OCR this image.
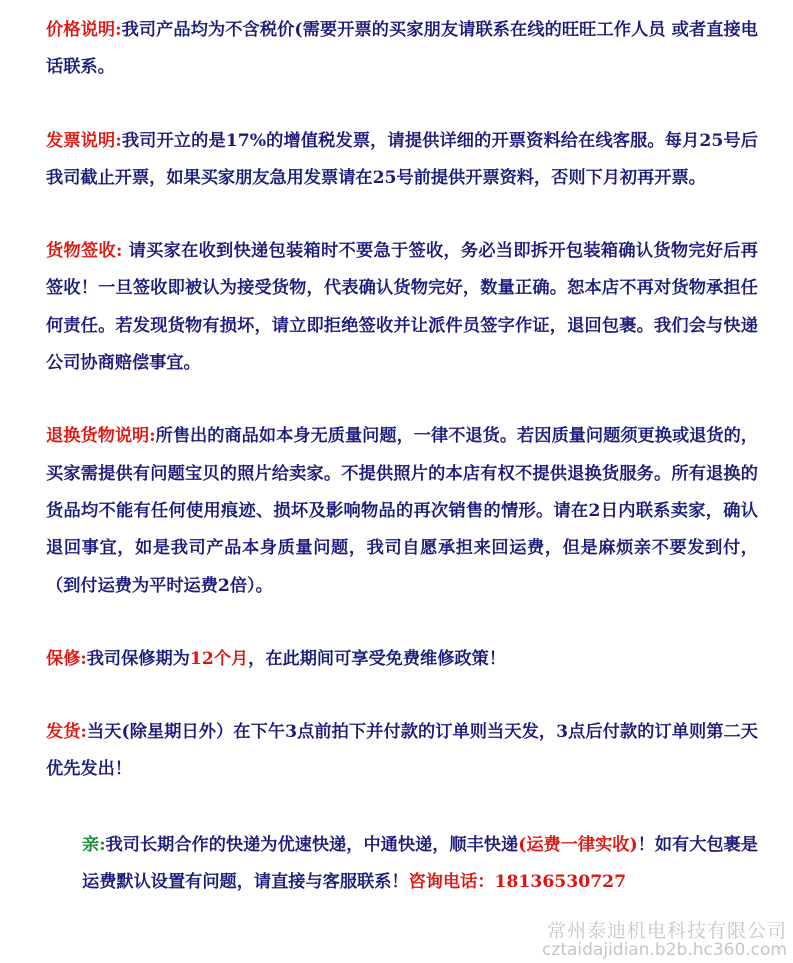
价格说明:我司产品均为不含税价(需要开票的买家朋友请联系在线的旺旺工作人员 或者直接电话联系。

发票说明:我司开立的是17%的增值税发票，请提供详细的开票资料给在线客服。每月25号后我司截止开票，如果买家朋友急用发票请在25号前提供开票资料，否则下月初再开票。

货物签收: 请买家在收到快递包装箱时不要急于签收，务必当即拆开包装箱确认货物完好后再签收！一旦签收即被认为接受货物，代表确认货物完好，数量正确。恕本店不再对货物承担任何责任。若发现货物有损坏，请立即拒绝签收并让派件员签字作证，退回包裹。我们会与快递公司协商赔偿事宜。

退换货物说明:所售出的商品如本身无质量问题，一律不退货。若因质量问题须更换或退货的，买家需提供有问题宝贝的照片给卖家。不提供照片的本店有权不提供退换货服务。所有退换的货品均不能有任何使用痕迹、损坏及影响物品的再次销售的情形。请在2日内联系卖家，确认退回事宜，如是我司产品本身质量问题，我司自愿承担来回运费，但是麻烦亲不要发到付，（到付运费为平时运费2倍）。

保修:我司保修期为12个月，在此期间可享受免费维修政策！

发货:当天(除星期日外）在下午3点前拍下并付款的订单则当天发，3点后付款的订单则第二天优先发出！

亲:我司长期合作的快递为优速快递，中通快递，顺丰快递(运费一律实收)！如有大包裹是运费默认设置有问题，请直接与客服联系！咨询电话：18136530727

常州泰迪机电科技有限公司
cztaidajidian.b2b.hc360.com
